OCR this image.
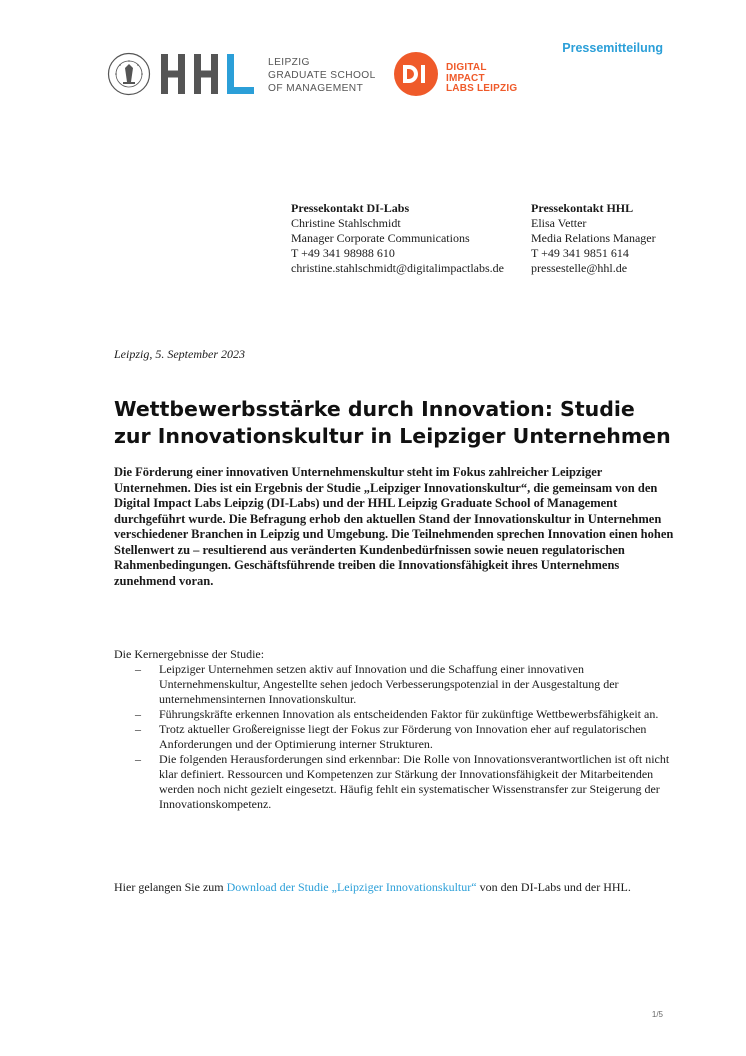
Pressemitteilung
LEIPZIG
GRADUATE SCHOOL
OF MANAGEMENT
DIGITAL IMPACT
LABS LEIPZIG
Pressekontakt DI-Labs
Christine Stahlschmidt
Manager Corporate Communications
T +49 341 98988 610
christine.stahlschmidt@digitalimpactlabs.de
Pressekontakt HHL
Elisa Vetter
Media Relations Manager
T +49 341 9851 614
pressestelle@hhl.de
Leipzig, 5. September 2023
Wettbewerbsstärke durch Innovation: Studie zur Innovationskultur in Leipziger Unternehmen
Die Förderung einer innovativen Unternehmenskultur steht im Fokus zahlreicher Leipziger Unternehmen. Dies ist ein Ergebnis der Studie „Leipziger Innovationskultur“, die gemeinsam von den Digital Impact Labs Leipzig (DI-Labs) und der HHL Leipzig Graduate School of Management durchgeführt wurde. Die Befragung erhob den aktuellen Stand der Innovationskultur in Unternehmen verschiedener Branchen in Leipzig und Umgebung. Die Teilnehmenden sprechen Innovation einen hohen Stellenwert zu – resultierend aus veränderten Kundenbedürfnissen sowie neuen regulatorischen Rahmenbedingungen. Geschäftsführende treiben die Innovationsfähigkeit ihres Unternehmens zunehmend voran.
Die Kernergebnisse der Studie:
– Leipziger Unternehmen setzen aktiv auf Innovation und die Schaffung einer innovativen Unternehmenskultur, Angestellte sehen jedoch Verbesserungspotenzial in der Ausgestaltung der unternehmensinternen Innovationskultur.
– Führungskräfte erkennen Innovation als entscheidenden Faktor für zukünftige Wettbewerbsfähigkeit an.
– Trotz aktueller Großereignisse liegt der Fokus zur Förderung von Innovation eher auf regulatorischen Anforderungen und der Optimierung interner Strukturen.
– Die folgenden Herausforderungen sind erkennbar: Die Rolle von Innovationsverantwortlichen ist oft nicht klar definiert. Ressourcen und Kompetenzen zur Stärkung der Innovationsfähigkeit der Mitarbeitenden werden noch nicht gezielt eingesetzt. Häufig fehlt ein systematischer Wissenstransfer zur Steigerung der Innovationskompetenz.
Hier gelangen Sie zum Download der Studie „Leipziger Innovationskultur“ von den DI-Labs und der HHL.
1/5
